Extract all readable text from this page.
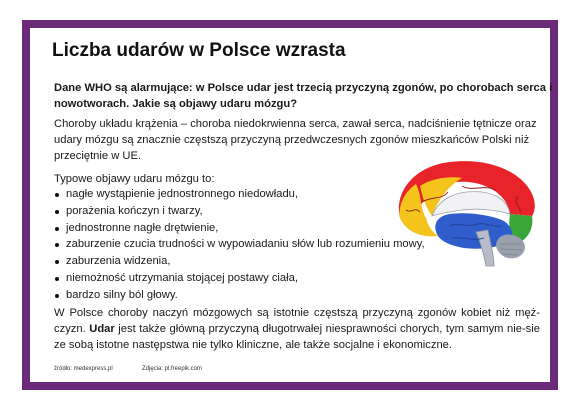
Liczba udarów w Polsce wzrasta
Dane WHO są alarmujące: w Polsce udar jest trzecią przyczyną zgonów, po chorobach serca i nowotworach. Jakie są objawy udaru mózgu?
Choroby układu krążenia – choroba niedokrwienna serca, zawał serca, nadciśnienie tętnicze oraz udary mózgu są znacznie częstszą przyczyną przedwczesnych zgonów mieszkańców Polski niż przeciętnie w UE.
Typowe objawy udaru mózgu to:
nagłe wystąpienie jednostronnego niedowładu,
porażenia kończyn i twarzy,
jednostronne nagłe drętwienie,
zaburzenie czucia trudności w wypowiadaniu słów lub rozumieniu mowy,
zaburzenia widzenia,
niemożność utrzymania stojącej postawy ciała,
bardzo silny ból głowy.
W Polsce choroby naczyń mózgowych są istotnie częstszą przyczyną zgonów kobiet niż męż-czyzn. Udar jest także główną przyczyną długotrwałej niesprawności chorych, tym samym nie-sie ze sobą istotne następstwa nie tylko kliniczne, ale także socjalne i ekonomiczne.
źródło: medexpress.pl	Zdjęcia: pl.freepik.com
